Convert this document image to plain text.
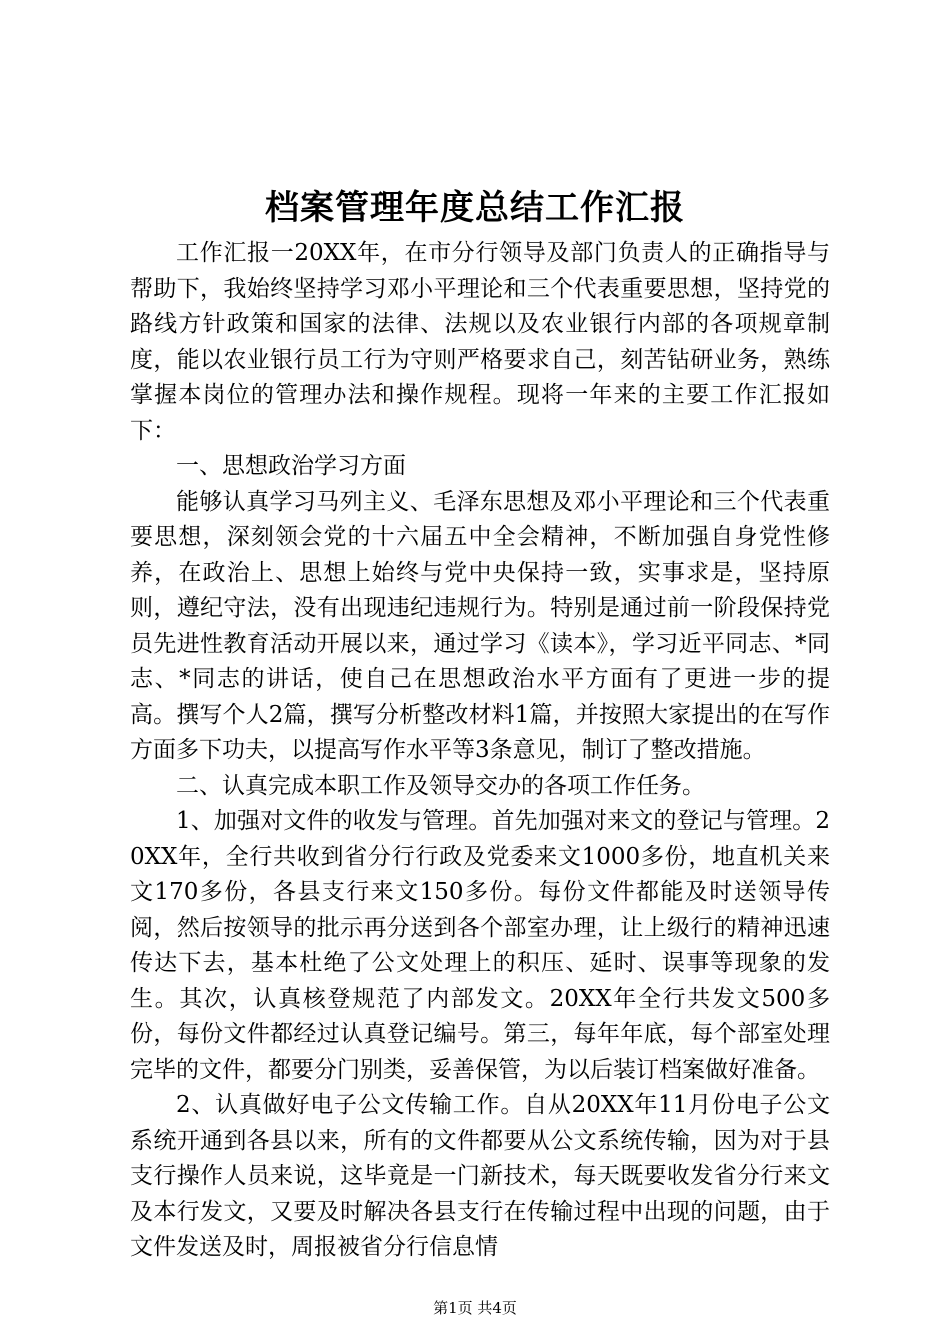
档案管理年度总结工作汇报

工作汇报一20XX年，在市分行领导及部门负责人的正确指导与帮助下，我始终坚持学习邓小平理论和三个代表重要思想，坚持党的路线方针政策和国家的法律、法规以及农业银行内部的各项规章制度，能以农业银行员工行为守则严格要求自己，刻苦钻研业务，熟练掌握本岗位的管理办法和操作规程。现将一年来的主要工作汇报如下：

一、思想政治学习方面

能够认真学习马列主义、毛泽东思想及邓小平理论和三个代表重要思想，深刻领会党的十六届五中全会精神，不断加强自身党性修养，在政治上、思想上始终与党中央保持一致，实事求是，坚持原则，遵纪守法，没有出现违纪违规行为。特别是通过前一阶段保持党员先进性教育活动开展以来，通过学习《读本》，学习近平同志、*同志、*同志的讲话，使自己在思想政治水平方面有了更进一步的提高。撰写个人2篇，撰写分析整改材料1篇，并按照大家提出的在写作方面多下功夫，以提高写作水平等3条意见，制订了整改措施。

二、认真完成本职工作及领导交办的各项工作任务。

1、加强对文件的收发与管理。首先加强对来文的登记与管理。20XX年，全行共收到省分行行政及党委来文1000多份，地直机关来文170多份，各县支行来文150多份。每份文件都能及时送领导传阅，然后按领导的批示再分送到各个部室办理，让上级行的精神迅速传达下去，基本杜绝了公文处理上的积压、延时、误事等现象的发生。其次，认真核登规范了内部发文。20XX年全行共发文500多份，每份文件都经过认真登记编号。第三，每年年底，每个部室处理完毕的文件，都要分门别类，妥善保管，为以后装订档案做好准备。

2、认真做好电子公文传输工作。自从20XX年11月份电子公文系统开通到各县以来，所有的文件都要从公文系统传输，因为对于县支行操作人员来说，这毕竟是一门新技术，每天既要收发省分行来文及本行发文，又要及时解决各县支行在传输过程中出现的问题，由于文件发送及时，周报被省分行信息情

第1页 共4页
